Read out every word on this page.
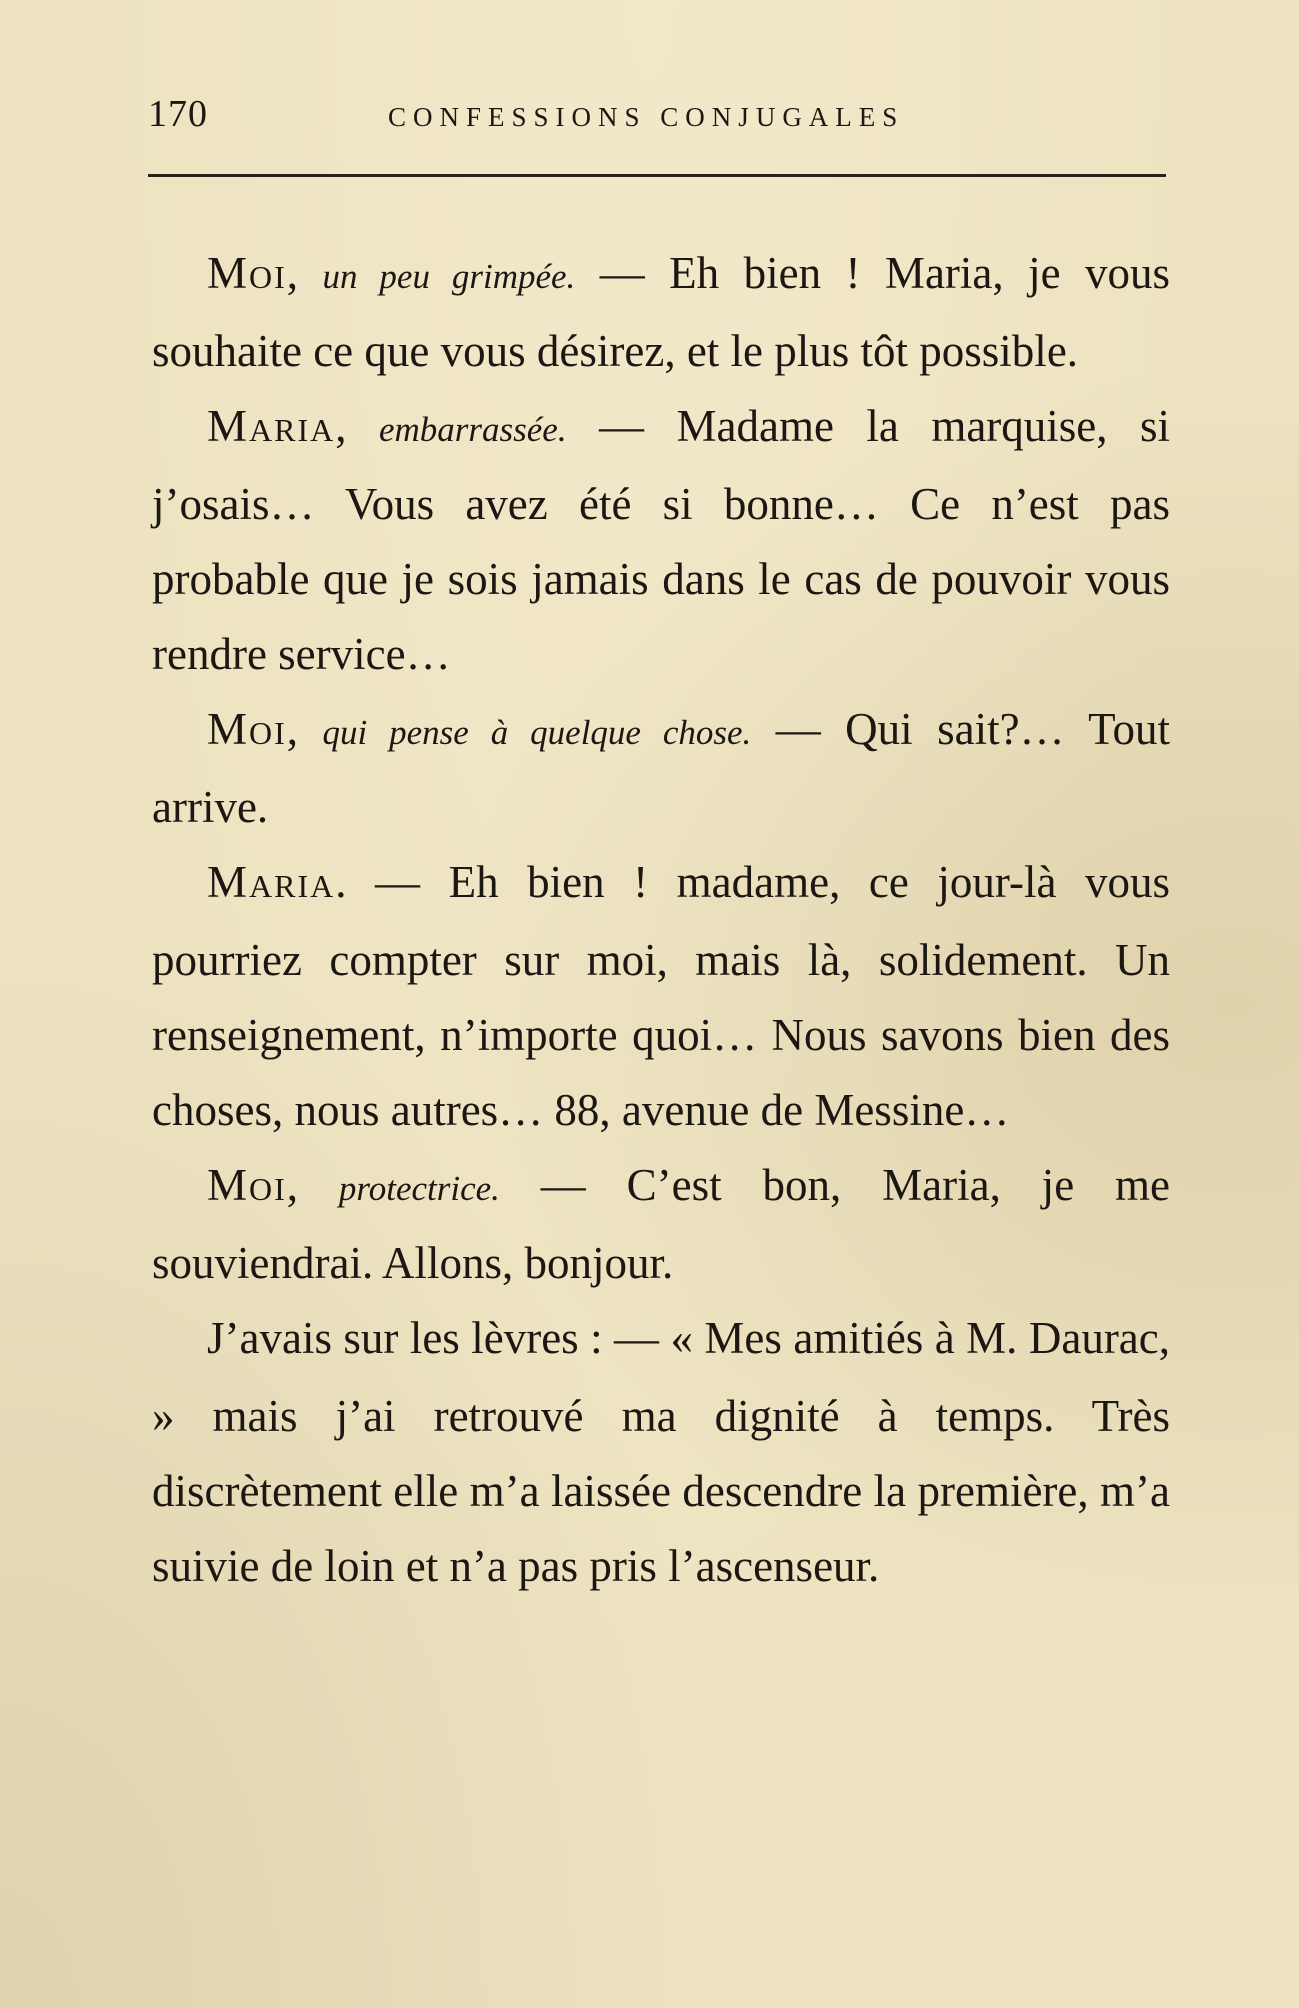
170	CONFESSIONS CONJUGALES

Moi, un peu grimpée. — Eh bien ! Maria, je vous souhaite ce que vous désirez, et le plus tôt possible.

Maria, embarrassée. — Madame la marquise, si j’osais… Vous avez été si bonne… Ce n’est pas probable que je sois jamais dans le cas de pouvoir vous rendre service…

Moi, qui pense à quelque chose. — Qui sait?… Tout arrive.

Maria. — Eh bien ! madame, ce jour-là vous pourriez compter sur moi, mais là, solidement. Un renseignement, n’importe quoi… Nous savons bien des choses, nous autres… 88, avenue de Messine…

Moi, protectrice. — C’est bon, Maria, je me souviendrai. Allons, bonjour.

J’avais sur les lèvres : — « Mes amitiés à M. Daurac, » mais j’ai retrouvé ma dignité à temps. Très discrètement elle m’a laissée descendre la première, m’a suivie de loin et n’a pas pris l’ascenseur.
